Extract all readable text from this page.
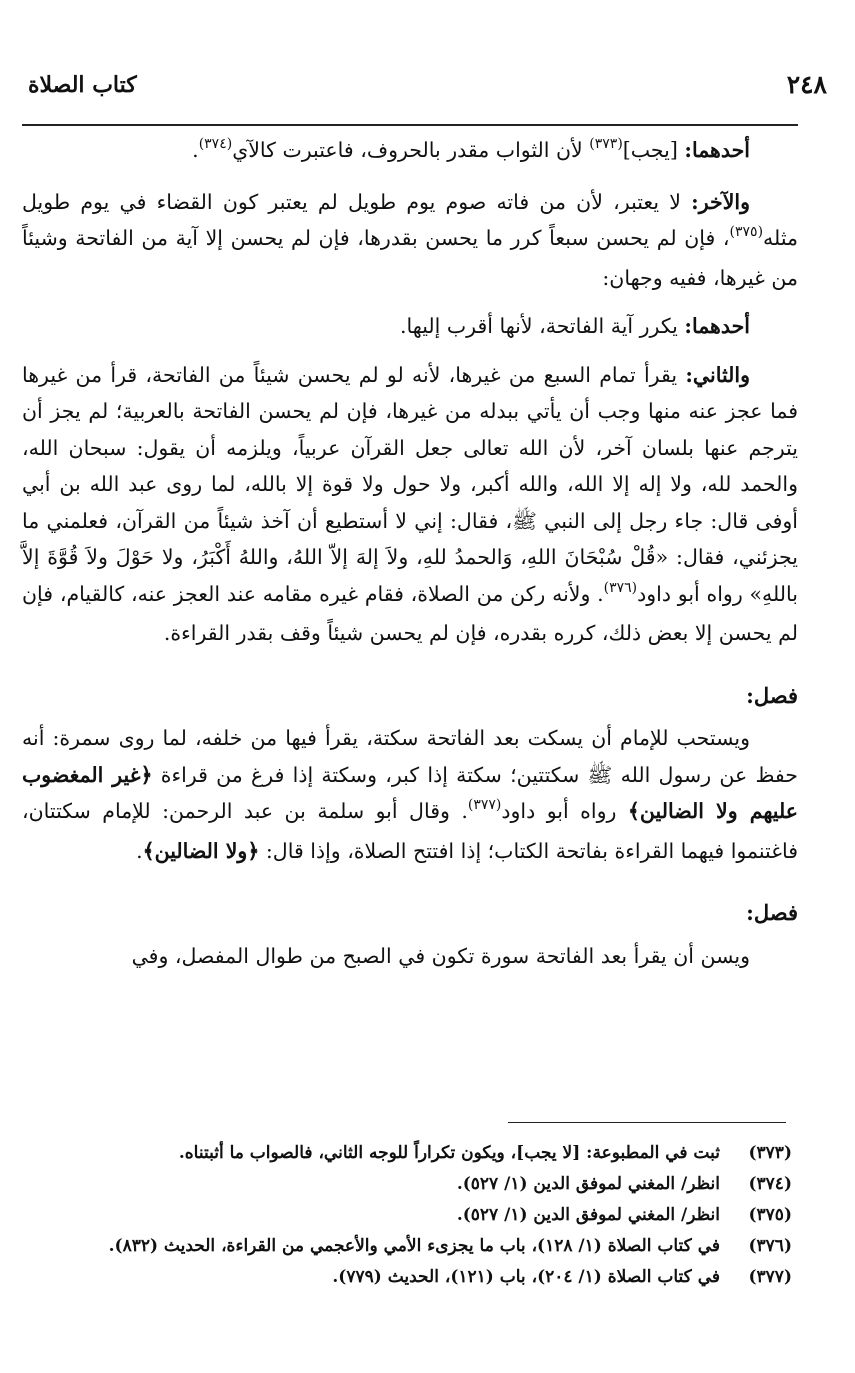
٢٤٨
كتاب الصلاة

أحدهما: [يجب]$^{(٣٧٣)}$ لأن الثواب مقدر بالحروف، فاعتبرت كالآي$^{(٣٧٤)}$.

والآخر: لا يعتبر، لأن من فاته صوم يوم طويل لم يعتبر كون القضاء في يوم طويل مثله$^{(٣٧٥)}$، فإن لم يحسن سبعاً كرر ما يحسن بقدرها، فإن لم يحسن إلا آية من الفاتحة وشيئاً من غيرها، ففيه وجهان:

أحدهما: يكرر آية الفاتحة، لأنها أقرب إليها.

والثاني: يقرأ تمام السبع من غيرها، لأنه لو لم يحسن شيئاً من الفاتحة، قرأ من غيرها فما عجز عنه منها وجب أن يأتي ببدله من غيرها، فإن لم يحسن الفاتحة بالعربية؛ لم يجز أن يترجم عنها بلسان آخر، لأن الله تعالى جعل القرآن عربياً، ويلزمه أن يقول: سبحان الله، والحمد لله، ولا إله إلا الله، والله أكبر، ولا حول ولا قوة إلا بالله، لما روى عبد الله بن أبي أوفى قال: جاء رجل إلى النبي ﷺ، فقال: إني لا أستطيع أن آخذ شيئاً من القرآن، فعلمني ما يجزئني، فقال: «قُلْ سُبْحَانَ اللهِ، وَالحمدُ للهِ، ولاَ إلهَ إلاّ اللهُ، واللهُ أَكْبَرُ، ولا حَوْلَ ولاَ قُوَّةَ إلاَّ باللهِ» رواه أبو داود$^{(٣٧٦)}$. ولأنه ركن من الصلاة، فقام غيره مقامه عند العجز عنه، كالقيام، فإن لم يحسن إلا بعض ذلك، كرره بقدره، فإن لم يحسن شيئاً وقف بقدر القراءة.

فصل:

ويستحب للإمام أن يسكت بعد الفاتحة سكتة، يقرأ فيها من خلفه، لما روى سمرة: أنه حفظ عن رسول الله ﷺ سكتتين؛ سكتة إذا كبر، وسكتة إذا فرغ من قراءة ﴿غير المغضوب عليهم ولا الضالين﴾ رواه أبو داود$^{(٣٧٧)}$. وقال أبو سلمة بن عبد الرحمن: للإمام سكتتان، فاغتنموا فيهما القراءة بفاتحة الكتاب؛ إذا افتتح الصلاة، وإذا قال: ﴿ولا الضالين﴾.

فصل:

ويسن أن يقرأ بعد الفاتحة سورة تكون في الصبح من طوال المفصل، وفي

(٣٧٣)
ثبت في المطبوعة: [لا يجب]، ويكون تكراراً للوجه الثاني، فالصواب ما أثبتناه.
(٣٧٤)
انظر/ المغني لموفق الدين (١/ ٥٢٧).
(٣٧٥)
انظر/ المغني لموفق الدين (١/ ٥٢٧).
(٣٧٦)
في كتاب الصلاة (١/ ١٢٨)، باب ما يجزىء الأمي والأعجمي من القراءة، الحديث (٨٣٢).
(٣٧٧)
في كتاب الصلاة (١/ ٢٠٤)، باب (١٢١)، الحديث (٧٧٩).
